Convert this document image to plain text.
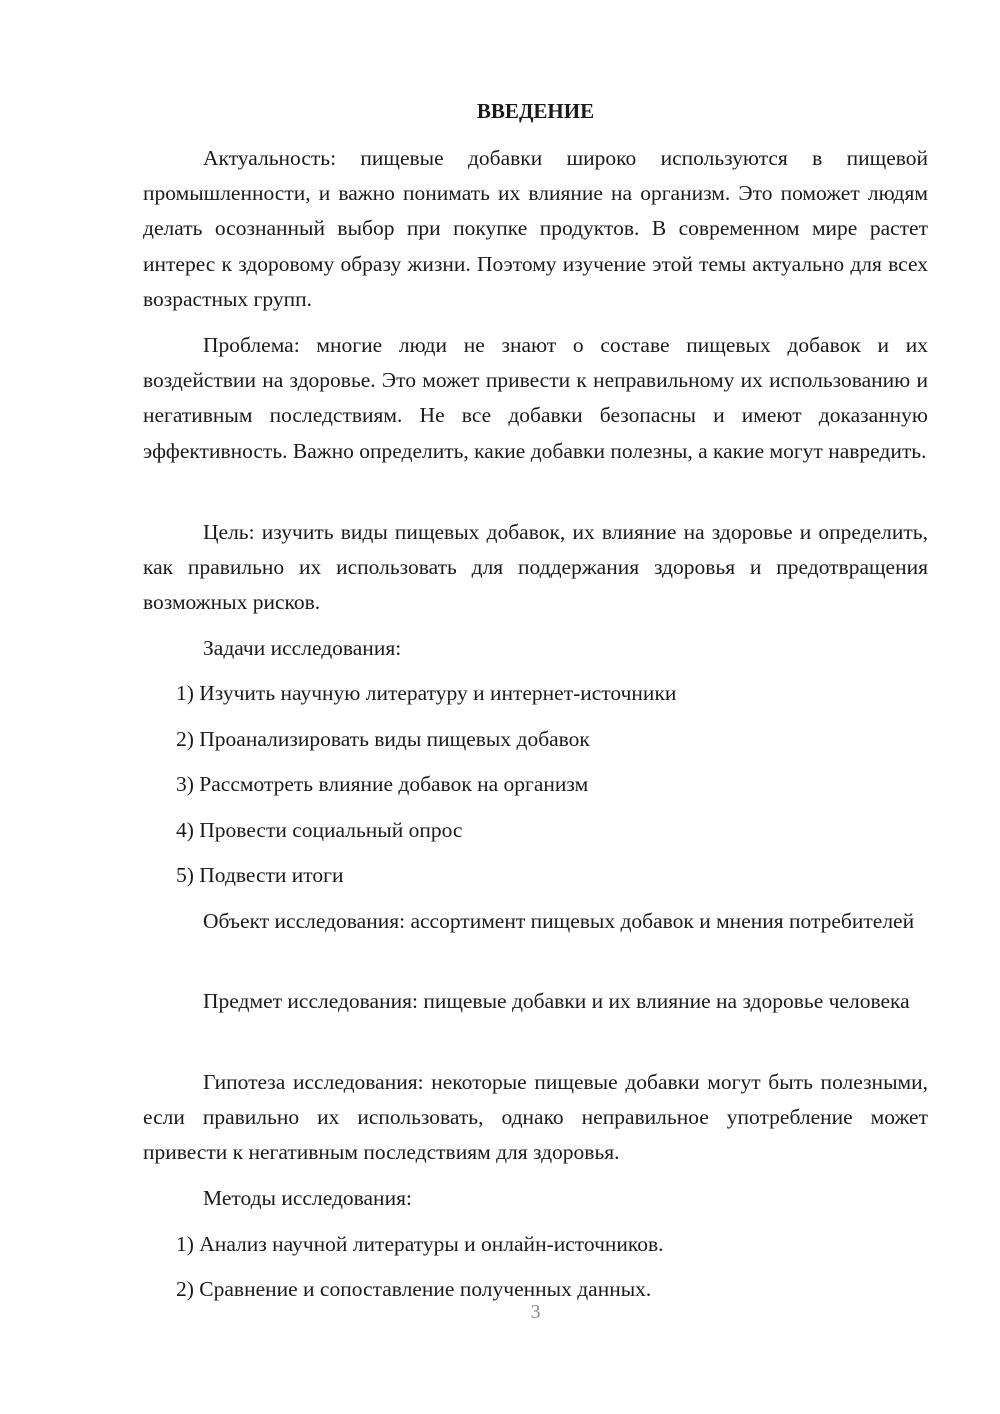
ВВЕДЕНИЕ

Актуальность: пищевые добавки широко используются в пищевой промышленности, и важно понимать их влияние на организм. Это поможет людям делать осознанный выбор при покупке продуктов. В современном мире растет интерес к здоровому образу жизни. Поэтому изучение этой темы актуально для всех возрастных групп.

Проблема: многие люди не знают о составе пищевых добавок и их воздействии на здоровье. Это может привести к неправильному их использованию и негативным последствиям. Не все добавки безопасны и имеют доказанную эффективность. Важно определить, какие добавки полезны, а какие могут навредить.

Цель: изучить виды пищевых добавок, их влияние на здоровье и определить, как правильно их использовать для поддержания здоровья и предотвращения возможных рисков.

Задачи исследования:

1) Изучить научную литературу и интернет-источники

2) Проанализировать виды пищевых добавок

3) Рассмотреть влияние добавок на организм

4) Провести социальный опрос

5) Подвести итоги

Объект исследования: ассортимент пищевых добавок и мнения потребителей

Предмет исследования: пищевые добавки и их влияние на здоровье человека

Гипотеза исследования: некоторые пищевые добавки могут быть полезными, если правильно их использовать, однако неправильное употребление может привести к негативным последствиям для здоровья.

Методы исследования:

1) Анализ научной литературы и онлайн-источников.

2) Сравнение и сопоставление полученных данных.

3
